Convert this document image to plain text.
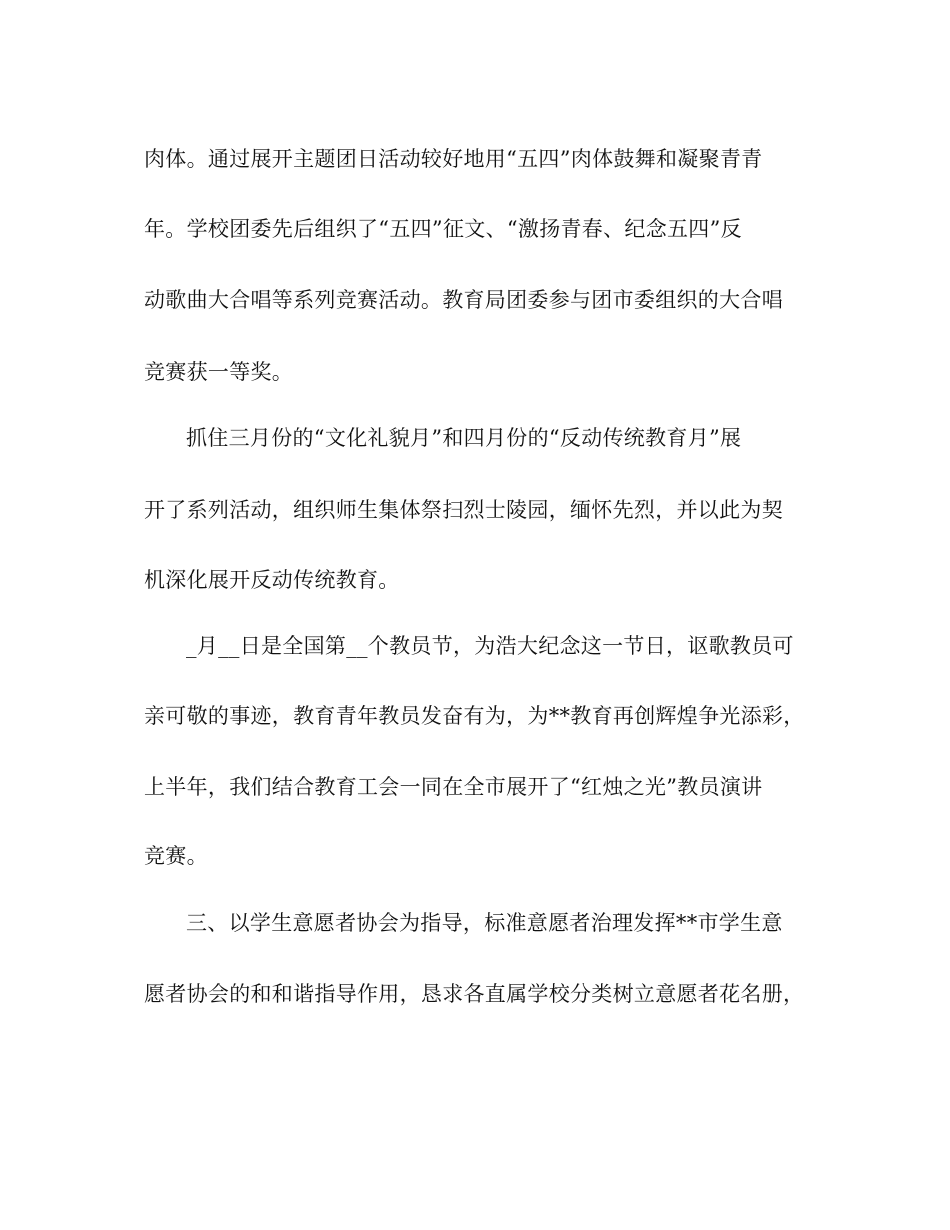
肉体。通过展开主题团日活动较好地用“五四”肉体鼓舞和凝聚青青
年。学校团委先后组织了“五四”征文、“激扬青春、纪念五四”反
动歌曲大合唱等系列竞赛活动。教育局团委参与团市委组织的大合唱
竞赛获一等奖。
抓住三月份的“文化礼貌月”和四月份的“反动传统教育月”展
开了系列活动，组织师生集体祭扫烈士陵园，缅怀先烈，并以此为契
机深化展开反动传统教育。
_月__日是全国第__个教员节，为浩大纪念这一节日，讴歌教员可
亲可敬的事迹，教育青年教员发奋有为，为**教育再创辉煌争光添彩，
上半年，我们结合教育工会一同在全市展开了“红烛之光”教员演讲
竞赛。
三、以学生意愿者协会为指导，标准意愿者治理发挥**市学生意
愿者协会的和和谐指导作用，恳求各直属学校分类树立意愿者花名册，
